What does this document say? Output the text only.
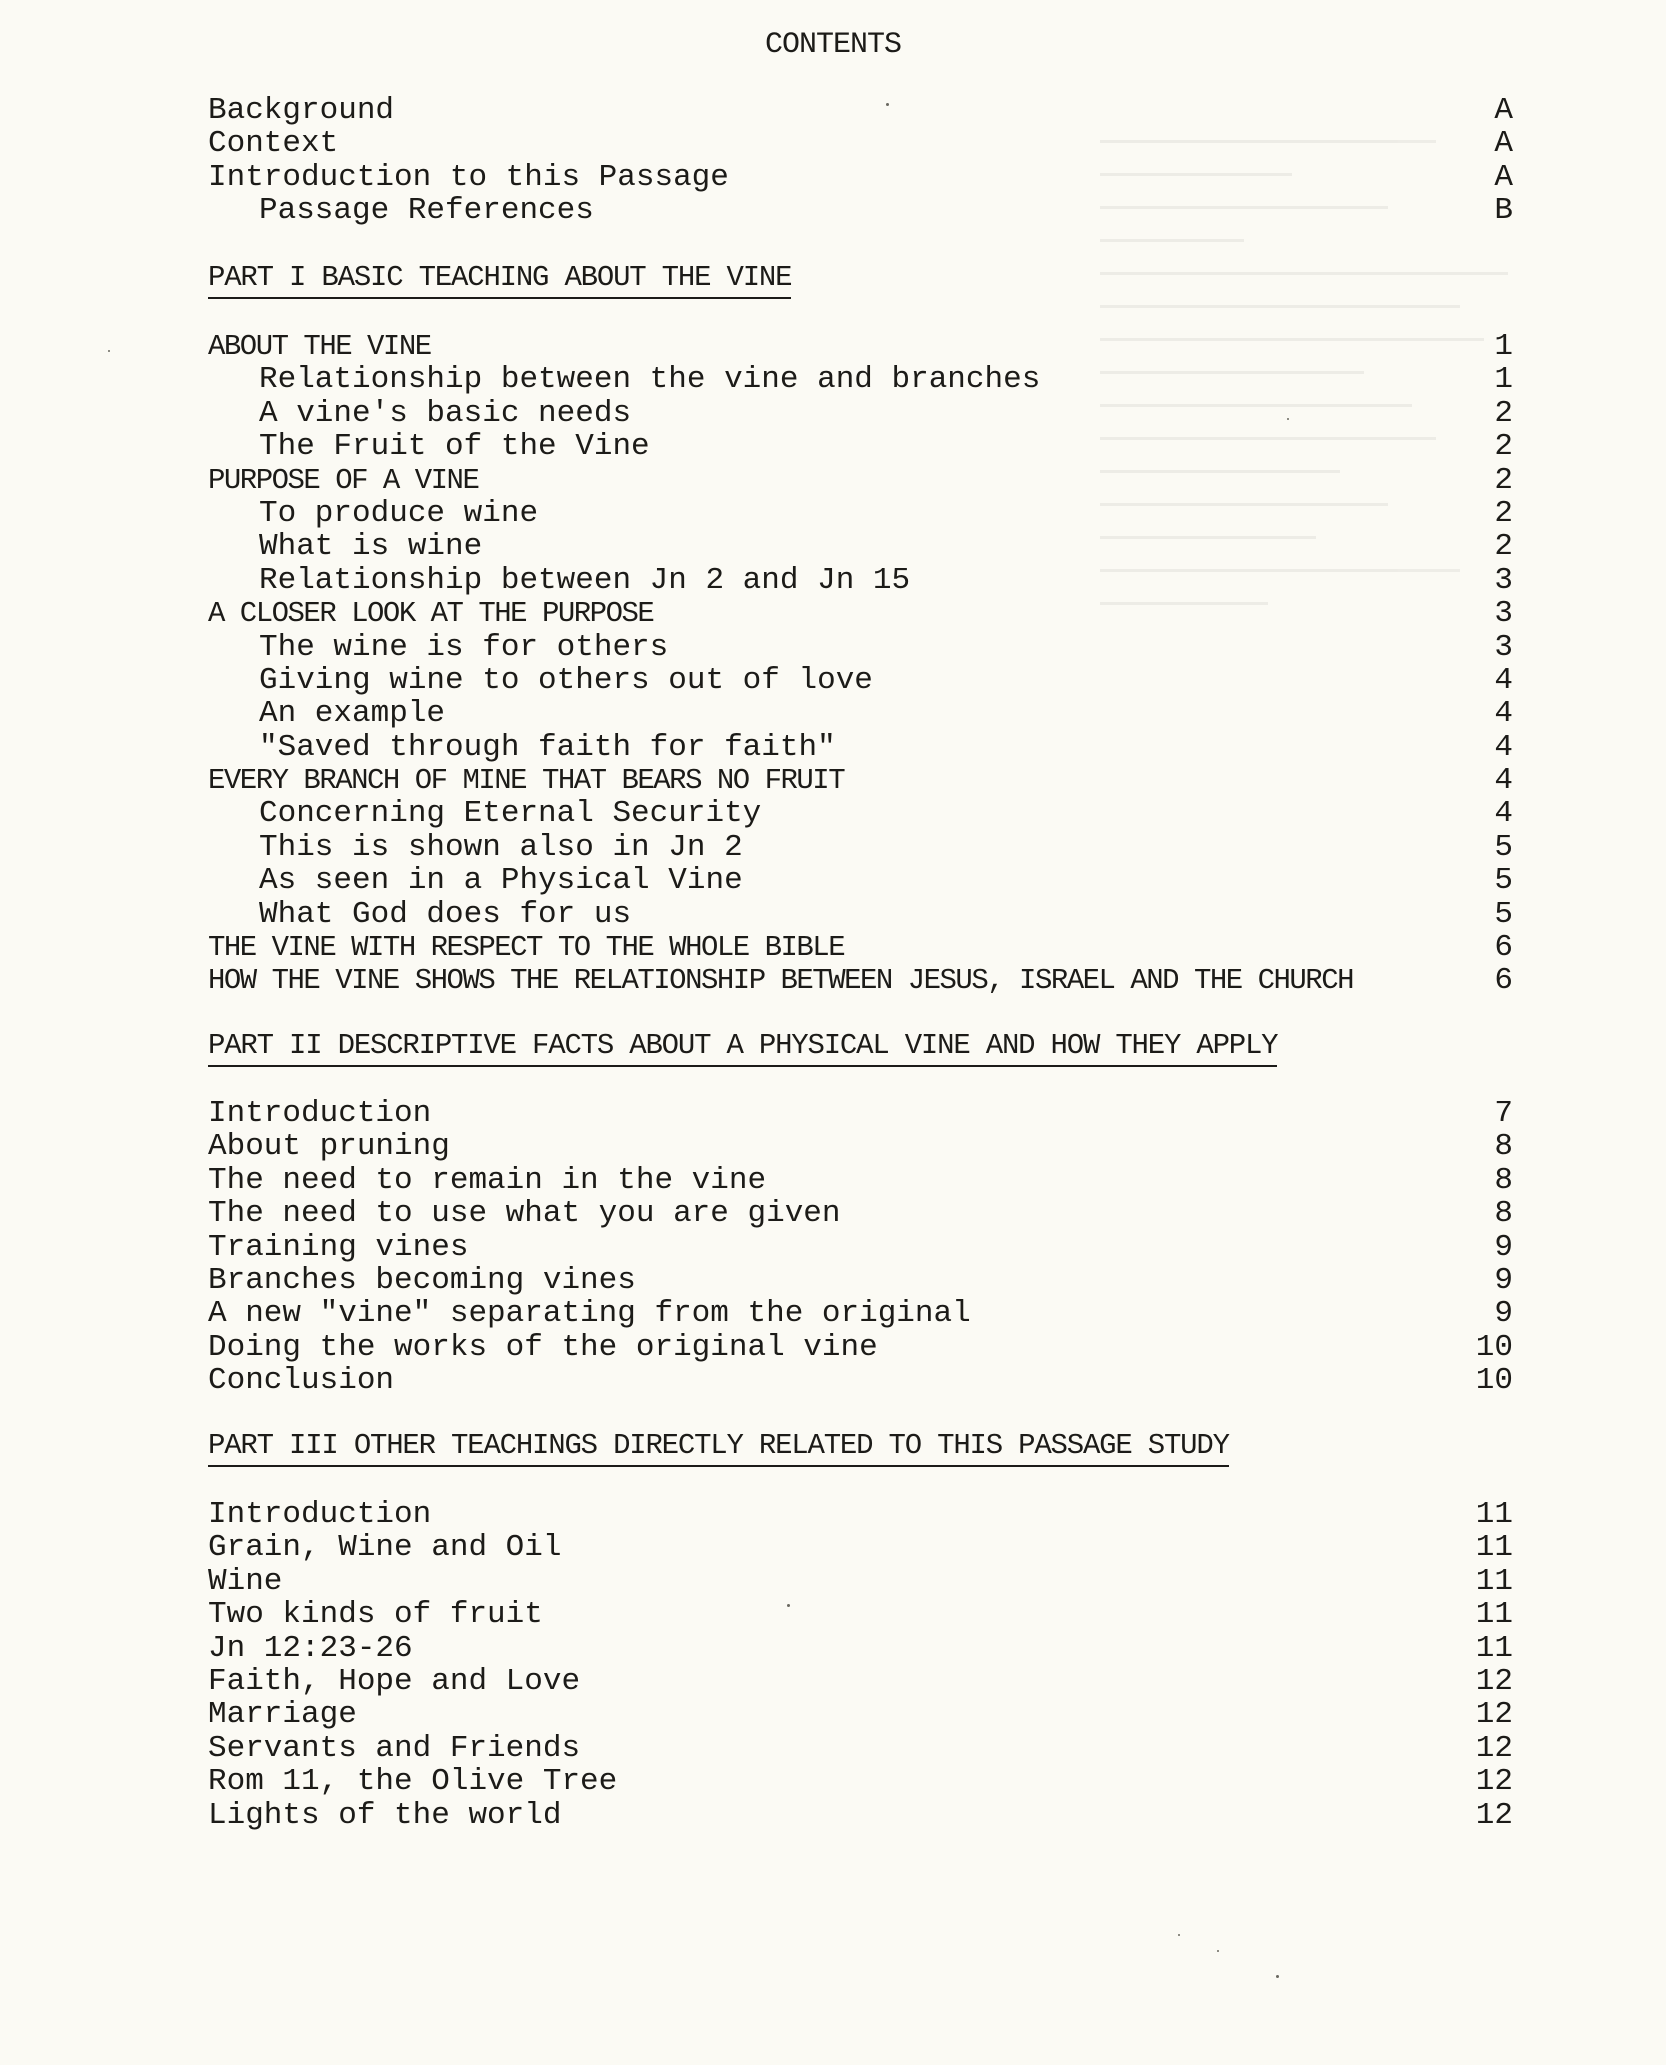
CONTENTS
Background	A
Context	A
Introduction to this Passage	A
Passage References	B
PART I BASIC TEACHING ABOUT THE VINE
ABOUT THE VINE	1
Relationship between the vine and branches	1
A vine's basic needs	2
The Fruit of the Vine	2
PURPOSE OF A VINE	2
To produce wine	2
What is wine	2
Relationship between Jn 2 and Jn 15	3
A CLOSER LOOK AT THE PURPOSE	3
The wine is for others	3
Giving wine to others out of love	4
An example	4
"Saved through faith for faith"	4
EVERY BRANCH OF MINE THAT BEARS NO FRUIT	4
Concerning Eternal Security	4
This is shown also in Jn 2	5
As seen in a Physical Vine	5
What God does for us	5
THE VINE WITH RESPECT TO THE WHOLE BIBLE	6
HOW THE VINE SHOWS THE RELATIONSHIP BETWEEN JESUS, ISRAEL AND THE CHURCH	6
PART II DESCRIPTIVE FACTS ABOUT A PHYSICAL VINE AND HOW THEY APPLY
Introduction	7
About pruning	8
The need to remain in the vine	8
The need to use what you are given	8
Training vines	9
Branches becoming vines	9
A new "vine" separating from the original	9
Doing the works of the original vine	10
Conclusion	10
PART III OTHER TEACHINGS DIRECTLY RELATED TO THIS PASSAGE STUDY
Introduction	11
Grain, Wine and Oil	11
Wine	11
Two kinds of fruit	11
Jn 12:23-26	11
Faith, Hope and Love	12
Marriage	12
Servants and Friends	12
Rom 11, the Olive Tree	12
Lights of the world	12
